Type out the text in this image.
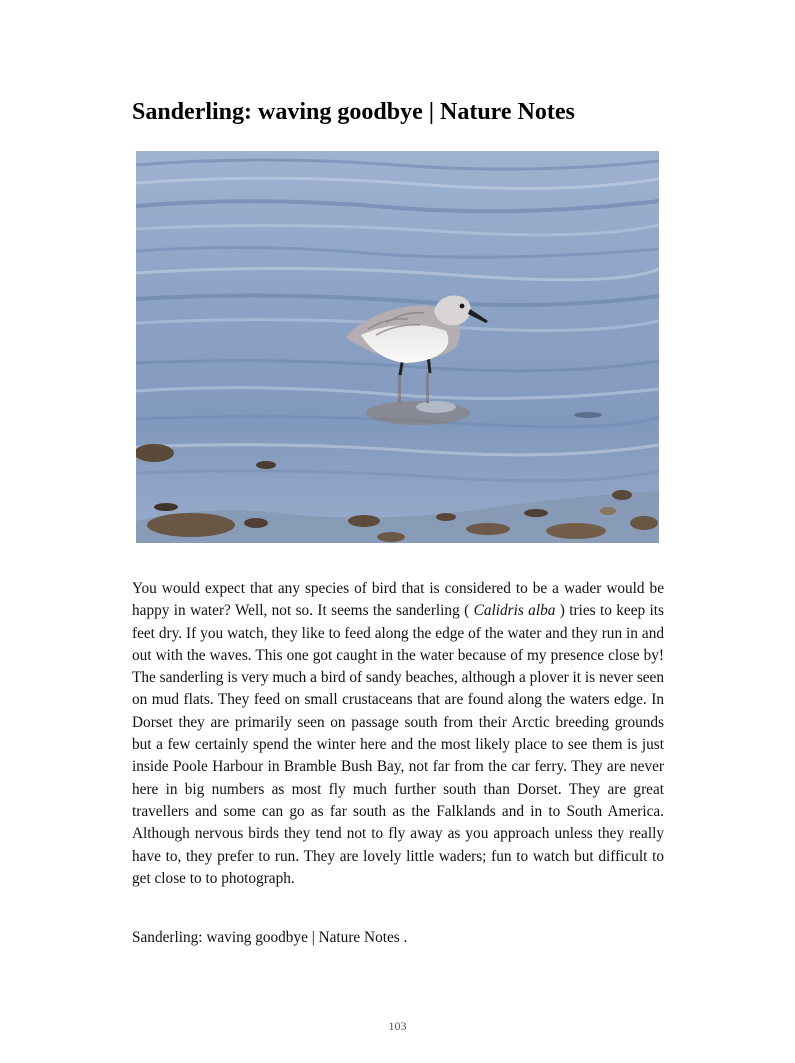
Sanderling: waving goodbye | Nature Notes

You would expect that any species of bird that is considered to be a wader would be happy in water? Well, not so. It seems the sanderling ( Calidris alba ) tries to keep its feet dry. If you watch, they like to feed along the edge of the water and they run in and out with the waves. This one got caught in the water because of my presence close by! The sanderling is very much a bird of sandy beaches, although a plover it is never seen on mud flats. They feed on small crustaceans that are found along the waters edge. In Dorset they are primarily seen on passage south from their Arctic breeding grounds but a few certainly spend the winter here and the most likely place to see them is just inside Poole Harbour in Bramble Bush Bay, not far from the car ferry. They are never here in big numbers as most fly much further south than Dorset. They are great travellers and some can go as far south as the Falklands and in to South America. Although nervous birds they tend not to fly away as you approach unless they really have to, they prefer to run. They are lovely little waders; fun to watch but difficult to get close to to photograph.

Sanderling: waving goodbye | Nature Notes .

103
